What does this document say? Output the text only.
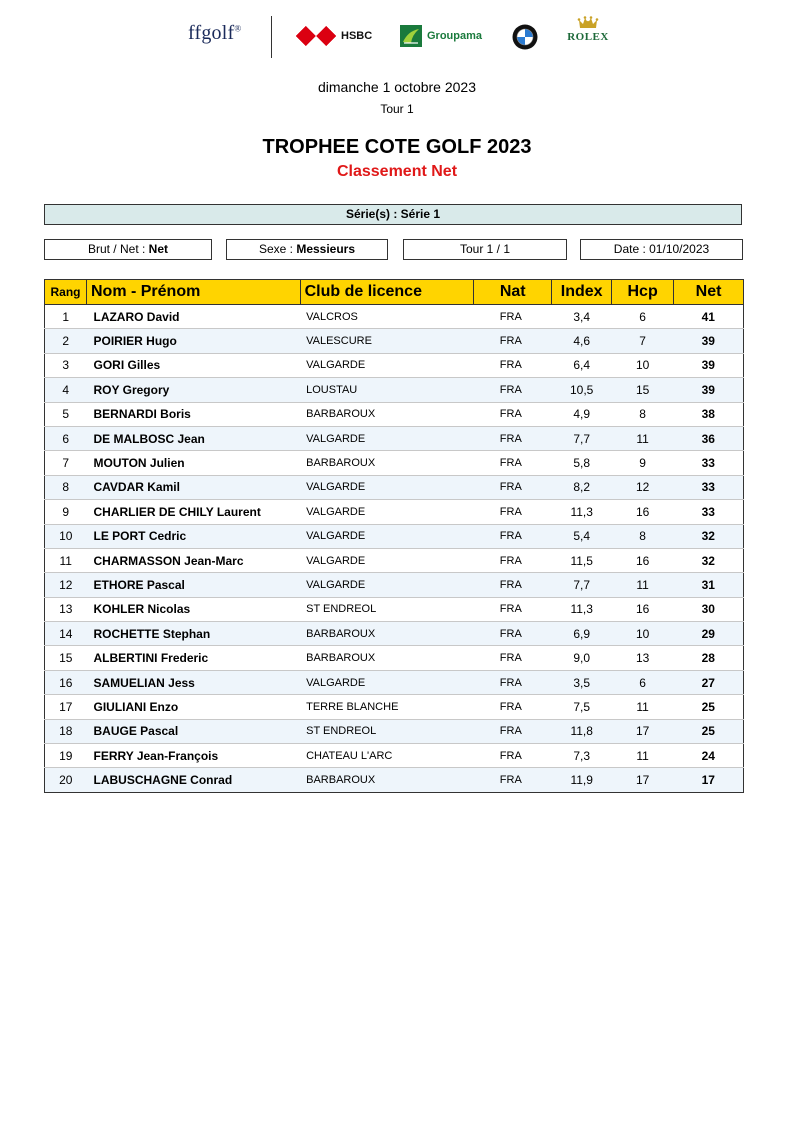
ffgolf®
HSBC	Groupama	ROLEX
dimanche 1 octobre 2023
Tour 1
TROPHEE COTE GOLF 2023
Classement Net
Série(s) : Série 1
Brut / Net : Net	Sexe : Messieurs	Tour 1 / 1	Date : 01/10/2023
Rang	Nom - Prénom	Club de licence	Nat	Index	Hcp	Net
1	LAZARO David	VALCROS	FRA	3,4	6	41
2	POIRIER Hugo	VALESCURE	FRA	4,6	7	39
3	GORI Gilles	VALGARDE	FRA	6,4	10	39
4	ROY Gregory	LOUSTAU	FRA	10,5	15	39
5	BERNARDI Boris	BARBAROUX	FRA	4,9	8	38
6	DE MALBOSC Jean	VALGARDE	FRA	7,7	11	36
7	MOUTON Julien	BARBAROUX	FRA	5,8	9	33
8	CAVDAR Kamil	VALGARDE	FRA	8,2	12	33
9	CHARLIER DE CHILY Laurent	VALGARDE	FRA	11,3	16	33
10	LE PORT Cedric	VALGARDE	FRA	5,4	8	32
11	CHARMASSON Jean-Marc	VALGARDE	FRA	11,5	16	32
12	ETHORE Pascal	VALGARDE	FRA	7,7	11	31
13	KOHLER Nicolas	ST ENDREOL	FRA	11,3	16	30
14	ROCHETTE Stephan	BARBAROUX	FRA	6,9	10	29
15	ALBERTINI Frederic	BARBAROUX	FRA	9,0	13	28
16	SAMUELIAN Jess	VALGARDE	FRA	3,5	6	27
17	GIULIANI Enzo	TERRE BLANCHE	FRA	7,5	11	25
18	BAUGE Pascal	ST ENDREOL	FRA	11,8	17	25
19	FERRY Jean-François	CHATEAU L'ARC	FRA	7,3	11	24
20	LABUSCHAGNE Conrad	BARBAROUX	FRA	11,9	17	17
